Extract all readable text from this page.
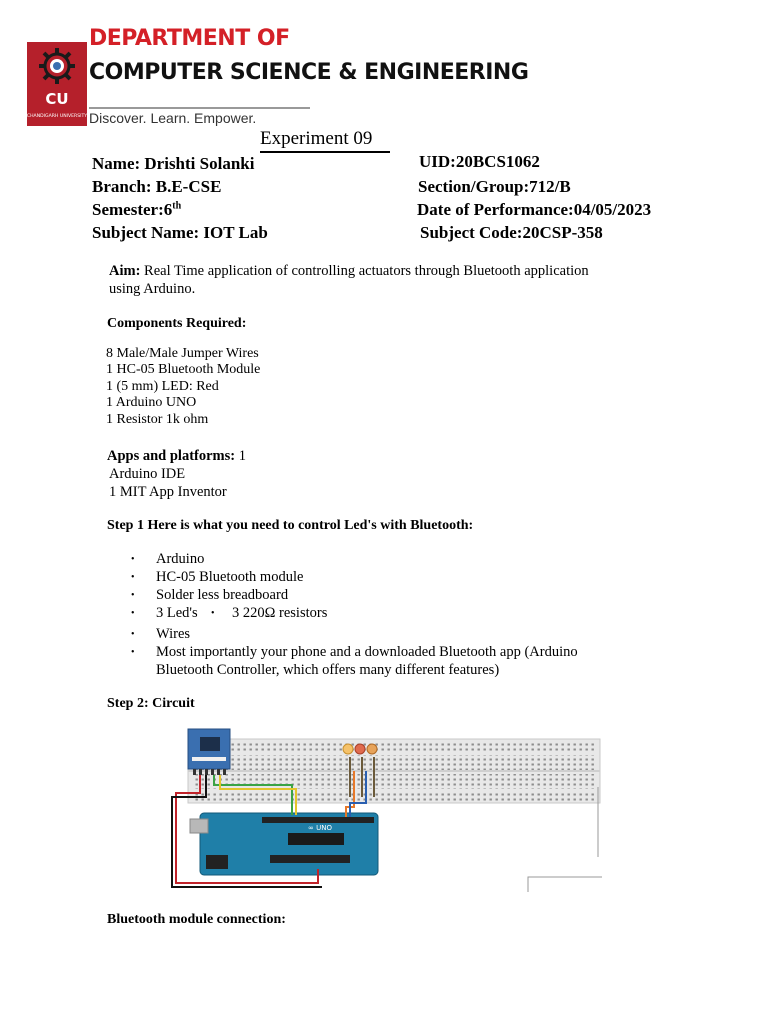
CU
CHANDIGARH UNIVERSITY
DEPARTMENT OF
COMPUTER SCIENCE & ENGINEERING
Discover. Learn. Empower.
Experiment 09
Name: Drishti Solanki	UID:20BCS1062
Branch: B.E-CSE	Section/Group:712/B
Semester:6th	Date of Performance:04/05/2023
Subject Name: IOT Lab	Subject Code:20CSP-358
Aim: Real Time application of controlling actuators through Bluetooth application
using Arduino.
Components Required:
8 Male/Male Jumper Wires
1 HC-05 Bluetooth Module
1 (5 mm) LED: Red
1 Arduino UNO
1 Resistor 1k ohm
Apps and platforms: 1
Arduino IDE
1 MIT App Inventor
Step 1 Here is what you need to control Led's with Bluetooth:
• Arduino
• HC-05 Bluetooth module
• Solder less breadboard
• 3 Led's • 3 220Ω resistors
• Wires
• Most importantly your phone and a downloaded Bluetooth app (Arduino
Bluetooth Controller, which offers many different features)
Step 2: Circuit
∞ UNO
Bluetooth module connection:
